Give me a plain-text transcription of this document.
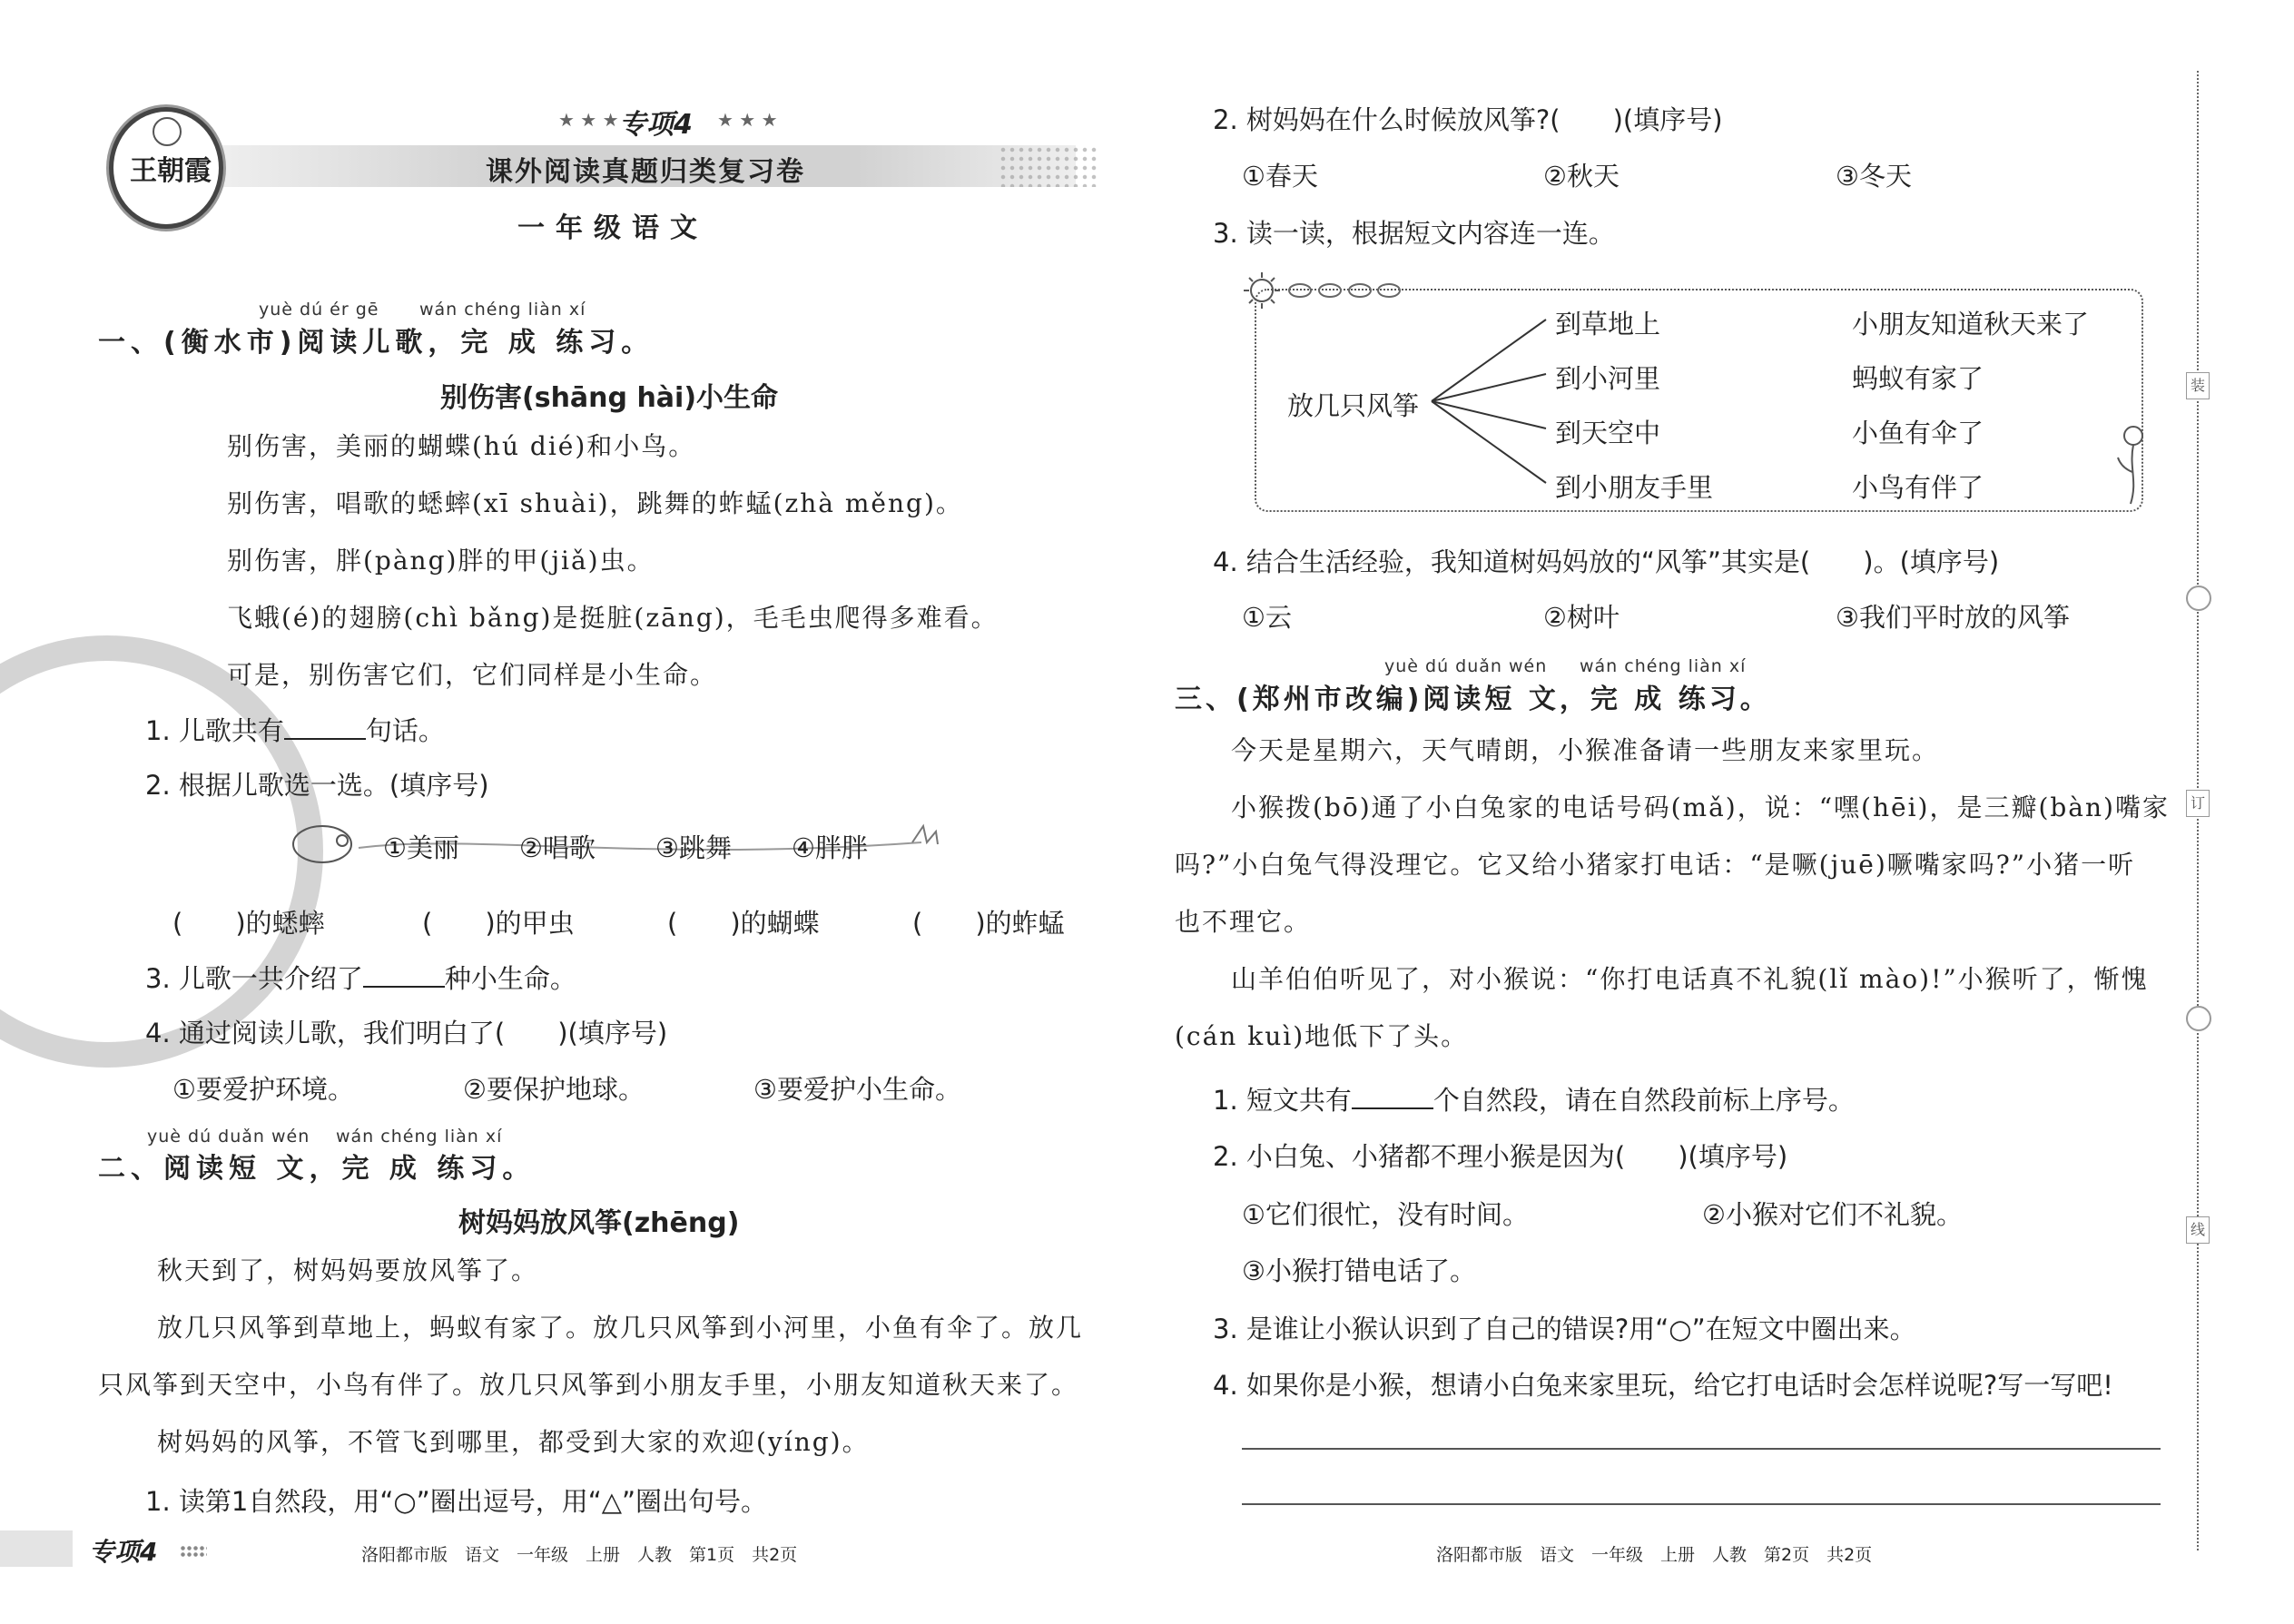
王朝霞
★ ★ ★ 专项4 ★ ★ ★
课外阅读真题归类复习卷
一年级语文
yuè dú ér gē wán chéng liàn xí
一、(衡水市)阅读儿歌，完 成 练习。
别伤害(shāng hài)小生命
别伤害，美丽的蝴蝶(hú dié)和小鸟。
别伤害，唱歌的蟋蟀(xī shuài)，跳舞的蚱蜢(zhà měng)。
别伤害，胖(pàng)胖的甲(jiǎ)虫。
飞蛾(é)的翅膀(chì bǎng)是挺脏(zāng)，毛毛虫爬得多难看。
可是，别伤害它们，它们同样是小生命。
1. 儿歌共有	句话。
2. 根据儿歌选一选。(填序号)
①美丽 ②唱歌 ③跳舞 ④胖胖
(　　)的蟋蟀	(　　)的甲虫	(　　)的蝴蝶	(　　)的蚱蜢
3. 儿歌一共介绍了	种小生命。
4. 通过阅读儿歌，我们明白了(　　)(填序号)
①要爱护环境。	②要保护地球。	③要爱护小生命。
yuè dú duǎn wén wán chéng liàn xí
二、阅读短 文，完 成 练习。
树妈妈放风筝(zhēng)
秋天到了，树妈妈要放风筝了。
放几只风筝到草地上，蚂蚁有家了。放几只风筝到小河里，小鱼有伞了。放几
只风筝到天空中，小鸟有伴了。放几只风筝到小朋友手里，小朋友知道秋天来了。
树妈妈的风筝，不管飞到哪里，都受到大家的欢迎(yíng)。
1. 读第1自然段，用“○”圈出逗号，用“△”圈出句号。
专项4	洛阳都市版　语文　一年级　上册　人教　第1页　共2页
2. 树妈妈在什么时候放风筝?(　　)(填序号)
①春天	②秋天	③冬天
3. 读一读，根据短文内容连一连。
放几只风筝
到草地上
到小河里
到天空中
到小朋友手里
小朋友知道秋天来了
蚂蚁有家了
小鱼有伞了
小鸟有伴了
4. 结合生活经验，我知道树妈妈放的“风筝”其实是(　　)。(填序号)
①云	②树叶	③我们平时放的风筝
yuè dú duǎn wén wán chéng liàn xí
三、(郑州市改编)阅读短 文，完 成 练习。
今天是星期六，天气晴朗，小猴准备请一些朋友来家里玩。
小猴拨(bō)通了小白兔家的电话号码(mǎ)，说：“嘿(hēi)，是三瓣(bàn)嘴家
吗?”小白兔气得没理它。它又给小猪家打电话：“是噘(juē)噘嘴家吗?”小猪一听
也不理它。
山羊伯伯听见了，对小猴说：“你打电话真不礼貌(lǐ mào)!”小猴听了，惭愧
(cán kuì)地低下了头。
1. 短文共有	个自然段，请在自然段前标上序号。
2. 小白兔、小猪都不理小猴是因为(　　)(填序号)
①它们很忙，没有时间。	②小猴对它们不礼貌。
③小猴打错电话了。
3. 是谁让小猴认识到了自己的错误?用“○”在短文中圈出来。
4. 如果你是小猴，想请小白兔来家里玩，给它打电话时会怎样说呢?写一写吧!
洛阳都市版　语文　一年级　上册　人教　第2页　共2页
装
订
线
